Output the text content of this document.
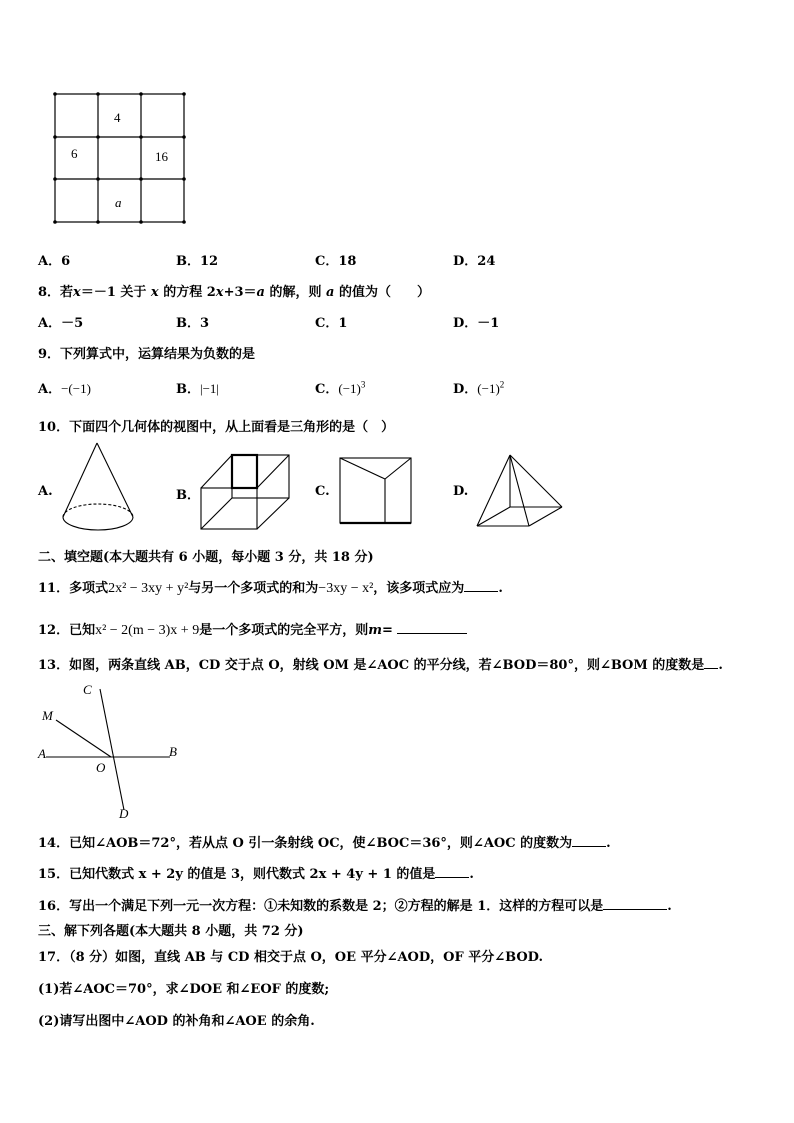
4
6	16
a
A．6	B．12	C．18	D．24
8．若x＝－1 关于 x 的方程 2x+3＝a 的解，则 a 的值为（　　）
A．－5	B．3	C．1	D．－1
9．下列算式中，运算结果为负数的是
A．−(−1)	B．|−1|	C．$(-1)^3$	D．$(-1)^2$
10．下面四个几何体的视图中，从上面看是三角形的是（　）
A.	B．	C.	D.
二、填空题(本大题共有 6 小题，每小题 3 分，共 18 分)
11．多项式2x² − 3xy + y²与另一个多项式的和为−3xy − x²，该多项式应为	.
12．已知x² − 2(m − 3)x + 9是一个多项式的完全平方，则m=
13．如图，两条直线 AB，CD 交于点 O，射线 OM 是∠AOC 的平分线，若∠BOD＝80°，则∠BOM 的度数是 .
C
M
A
O
B
D
14．已知∠AOB＝72°，若从点 O 引一条射线 OC，使∠BOC＝36°，则∠AOC 的度数为	.
15．已知代数式 x + 2y 的值是 3，则代数式 2x + 4y + 1 的值是	.
16．写出一个满足下列一元一次方程：①未知数的系数是 2；②方程的解是 1．这样的方程可以是	.
三、解下列各题(本大题共 8 小题，共 72 分)
17．（8 分）如图，直线 AB 与 CD 相交于点 O，OE 平分∠AOD，OF 平分∠BOD.
(1)若∠AOC＝70°，求∠DOE 和∠EOF 的度数;
(2)请写出图中∠AOD 的补角和∠AOE 的余角.
